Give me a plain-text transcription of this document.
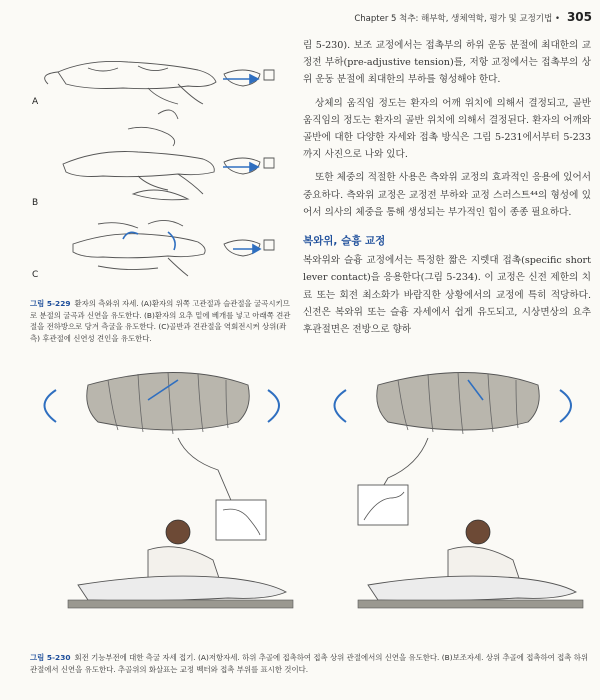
Chapter 5 척추: 해부학, 생체역학, 평가 및 교정기법 • 305
A
B
C
그림 5-229 환자의 측와위 자세. (A)환자의 위쪽 고관절과 슬관절을 굴곡시키므로 분절의 굴곡과 신연을 유도한다. (B)환자의 요추 밑에 베개를 넣고 아래쪽 견관절을 전하방으로 당겨 측굴을 유도한다. (C)골반과 견관절을 역회전시켜 상위(좌측) 후관절에 신연성 견인을 유도한다.

림 5-230). 보조 교정에서는 접촉부의 하위 운동 분절에 최대한의 교정전 부하(pre-adjustive tension)를, 저항 교정에서는 접촉부의 상위 운동 분절에 최대한의 부하를 형성해야 한다.

상체의 움직임 정도는 환자의 어깨 위치에 의해서 결정되고, 골반 움직임의 정도는 환자의 골반 위치에 의해서 결정된다. 환자의 어깨와 골반에 대한 다양한 자세와 접촉 방식은 그림 5-231에서부터 5-233까지 사진으로 나와 있다.

또한 체중의 적절한 사용은 측와위 교정의 효과적인 응용에 있어서 중요하다. 측와위 교정은 교정전 부하와 교정 스러스트⁴⁴의 형성에 있어서 의사의 체중을 통해 생성되는 부가적인 힘이 종종 필요하다.

복와위, 슬흉 교정

복와위와 슬흉 교정에서는 특정한 짧은 지렛대 접촉(specific short lever contact)을 응용한다(그림 5-234). 이 교정은 신전 제한의 치료 또는 회전 최소화가 바람직한 상황에서의 교정에 특히 적당하다. 신전은 복와위 또는 슬흉 자세에서 쉽게 유도되고, 시상면상의 요추 후관절면은 전방으로 향하

그림 5-230 회전 기능부전에 대한 측굴 자세 접기. (A)저항자세. 하위 추골에 접촉하여 접촉 상위 관절에서의 신연을 유도한다. (B)보조자세. 상위 추골에 접촉하여 접촉 하위 관절에서 신연을 유도한다. 추골위의 화살표는 교정 벡터와 접촉 부위를 표시한 것이다.
